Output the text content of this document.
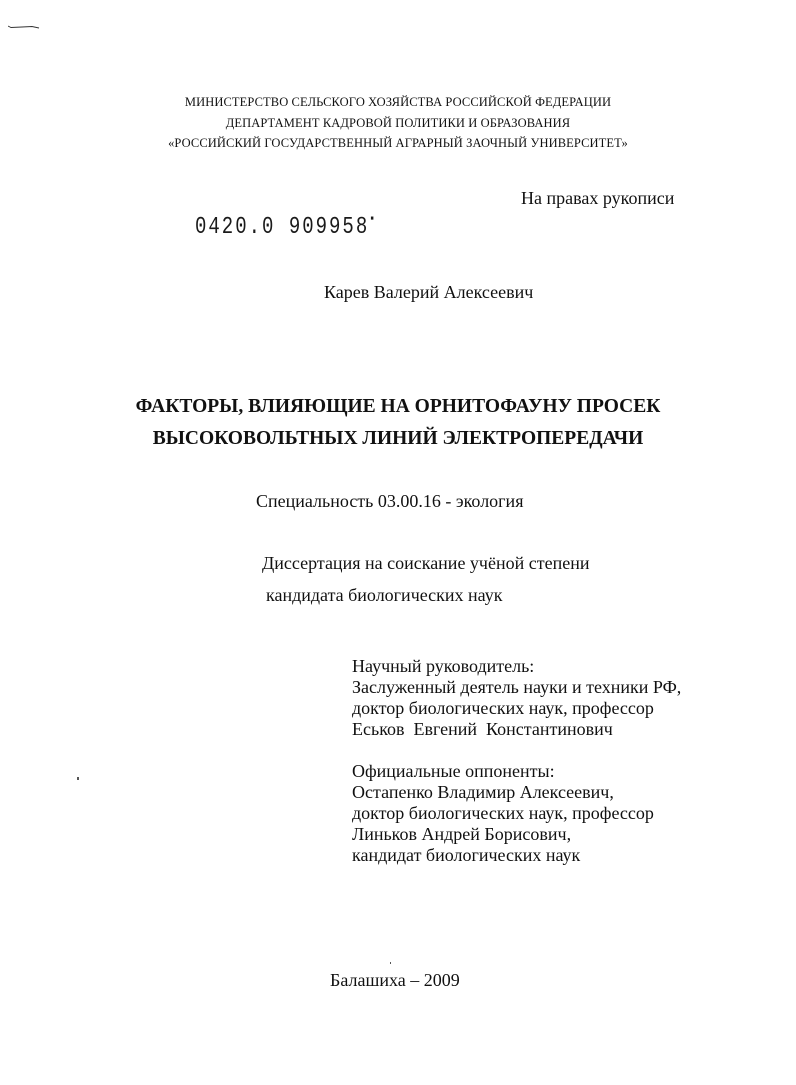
МИНИСТЕРСТВО СЕЛЬСКОГО ХОЗЯЙСТВА РОССИЙСКОЙ ФЕДЕРАЦИИ
ДЕПАРТАМЕНТ КАДРОВОЙ ПОЛИТИКИ И ОБРАЗОВАНИЯ
«РОССИЙСКИЙ ГОСУДАРСТВЕННЫЙ АГРАРНЫЙ ЗАОЧНЫЙ УНИВЕРСИТЕТ»
На правах рукописи
0420.0 909958▪
Карев Валерий Алексеевич
ФАКТОРЫ, ВЛИЯЮЩИЕ НА ОРНИТОФАУНУ ПРОСЕК
ВЫСОКОВОЛЬТНЫХ ЛИНИЙ ЭЛЕКТРОПЕРЕДАЧИ
Специальность 03.00.16 - экология
Диссертация на соискание учёной степени
кандидата биологических наук
Научный руководитель:
Заслуженный деятель науки и техники РФ,
доктор биологических наук, профессор
Еськов  Евгений  Константинович
Официальные оппоненты:
Остапенко Владимир Алексеевич,
доктор биологических наук, профессор
Линьков Андрей Борисович,
кандидат биологических наук
Балашиха – 2009
